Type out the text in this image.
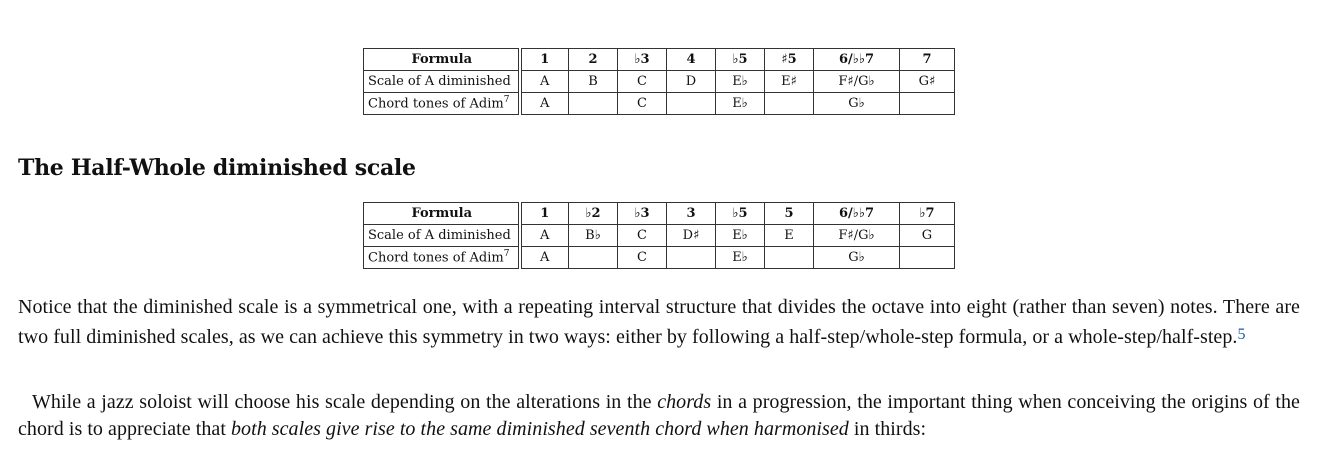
Formula	1	2	♭3	4	♭5	♯5	6/♭♭7	7
Scale of A diminished	A	B	C	D	E♭	E♯	F♯/G♭	G♯
Chord tones of Adim$^7$	A		C		E♭		G♭	
The Half-Whole diminished scale
Formula	1	♭2	♭3	3	♭5	5	6/♭♭7	♭7
Scale of A diminished	A	B♭	C	D♯	E♭	E	F♯/G♭	G
Chord tones of Adim$^7$	A		C		E♭		G♭	

Notice that the diminished scale is a symmetrical one, with a repeating interval structure that divides the octave into eight (rather than seven) notes. There are two full diminished scales, as we can achieve this symmetry in two ways: either by following a half-step/whole-step formula, or a whole-step/half-step.$^5$

While a jazz soloist will choose his scale depending on the alterations in the chords in a progression, the important thing when conceiving the origins of the chord is to appreciate that both scales give rise to the same diminished seventh chord when harmonised in thirds:
